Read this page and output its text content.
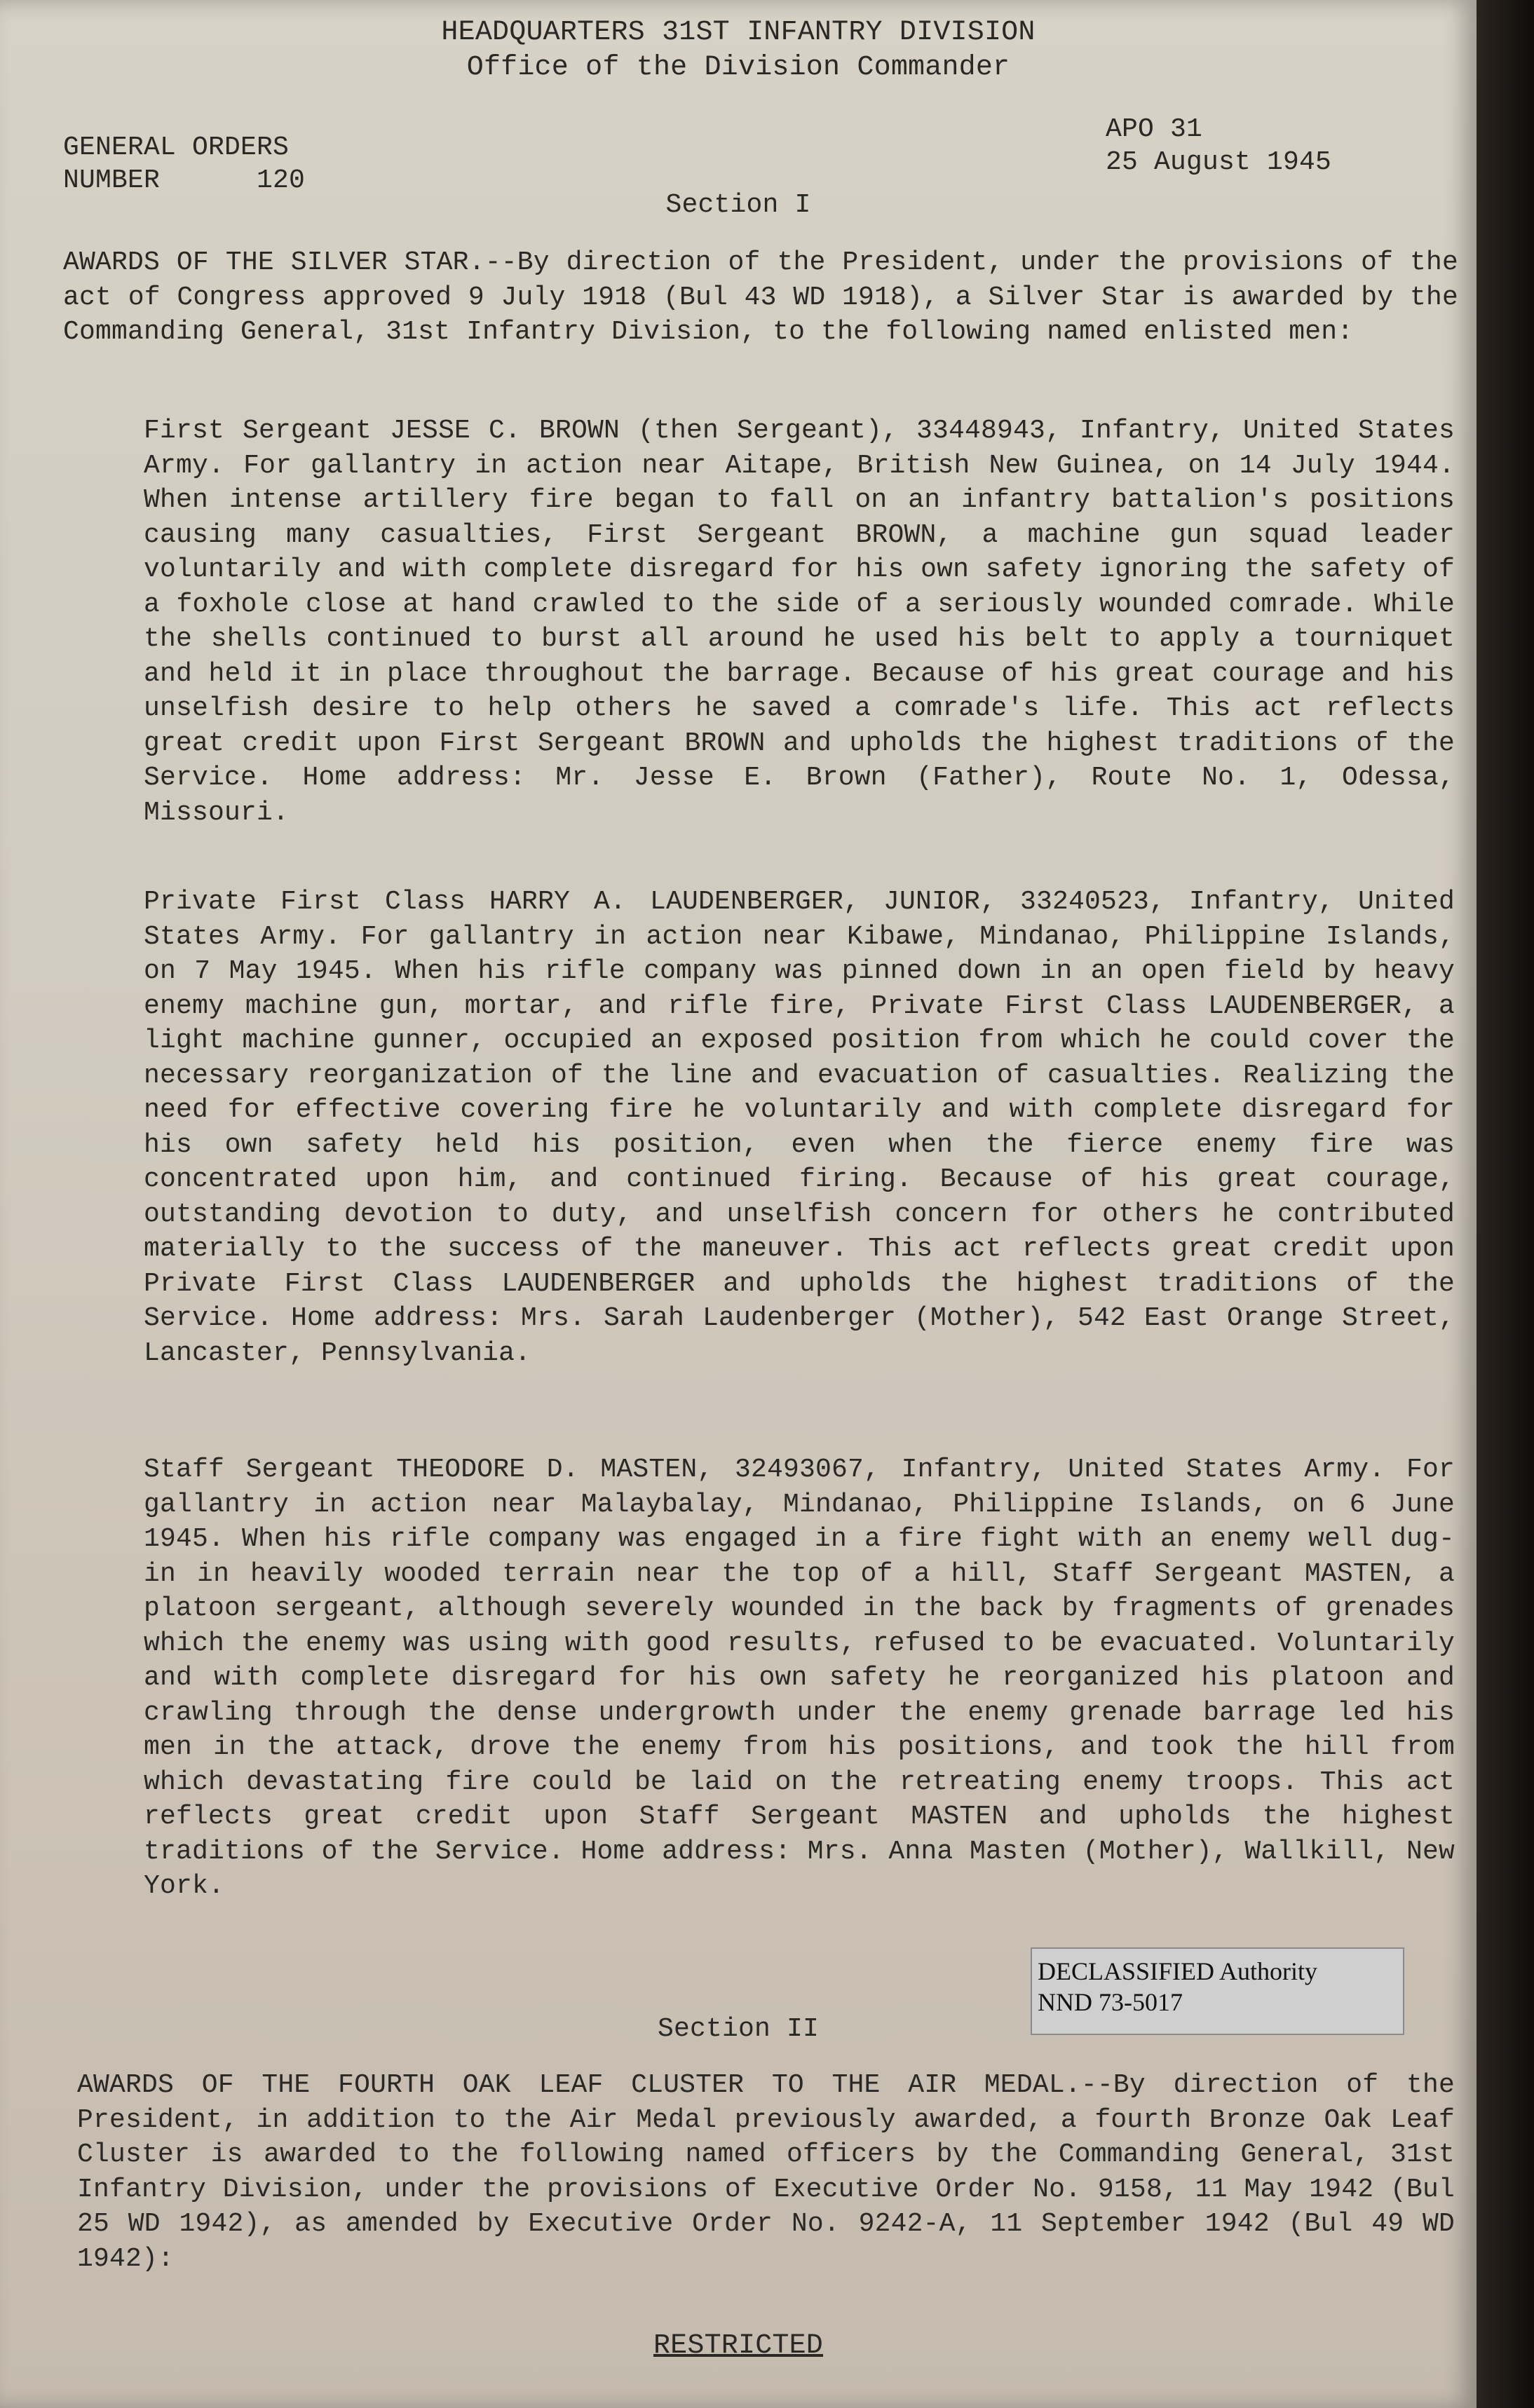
HEADQUARTERS 31ST INFANTRY DIVISION
Office of the Division Commander
GENERAL ORDERS
NUMBER      120
APO 31
25 August 1945
Section I
AWARDS OF THE SILVER STAR.--By direction of the President, under the provisions of the act of Congress approved 9 July 1918 (Bul 43 WD 1918), a Silver Star is awarded by the Commanding General, 31st Infantry Division, to the following named enlisted men:
First Sergeant JESSE C. BROWN (then Sergeant), 33448943, Infantry, United States Army. For gallantry in action near Aitape, British New Guinea, on 14 July 1944. When intense artillery fire began to fall on an infantry battalion's positions causing many casualties, First Sergeant BROWN, a machine gun squad leader voluntarily and with complete disregard for his own safety ignoring the safety of a foxhole close at hand crawled to the side of a seriously wounded comrade. While the shells continued to burst all around he used his belt to apply a tourniquet and held it in place throughout the barrage. Because of his great courage and his unselfish desire to help others he saved a comrade's life. This act reflects great credit upon First Sergeant BROWN and upholds the highest traditions of the Service. Home address: Mr. Jesse E. Brown (Father), Route No. 1, Odessa, Missouri.
Private First Class HARRY A. LAUDENBERGER, JUNIOR, 33240523, Infantry, United States Army. For gallantry in action near Kibawe, Mindanao, Philippine Islands, on 7 May 1945. When his rifle company was pinned down in an open field by heavy enemy machine gun, mortar, and rifle fire, Private First Class LAUDENBERGER, a light machine gunner, occupied an exposed position from which he could cover the necessary reorganization of the line and evacuation of casualties. Realizing the need for effective covering fire he voluntarily and with complete disregard for his own safety held his position, even when the fierce enemy fire was concentrated upon him, and continued firing. Because of his great courage, outstanding devotion to duty, and unselfish concern for others he contributed materially to the success of the maneuver. This act reflects great credit upon Private First Class LAUDENBERGER and upholds the highest traditions of the Service. Home address: Mrs. Sarah Laudenberger (Mother), 542 East Orange Street, Lancaster, Pennsylvania.
Staff Sergeant THEODORE D. MASTEN, 32493067, Infantry, United States Army. For gallantry in action near Malaybalay, Mindanao, Philippine Islands, on 6 June 1945. When his rifle company was engaged in a fire fight with an enemy well dug-in in heavily wooded terrain near the top of a hill, Staff Sergeant MASTEN, a platoon sergeant, although severely wounded in the back by fragments of grenades which the enemy was using with good results, refused to be evacuated. Voluntarily and with complete disregard for his own safety he reorganized his platoon and crawling through the dense undergrowth under the enemy grenade barrage led his men in the attack, drove the enemy from his positions, and took the hill from which devastating fire could be laid on the retreating enemy troops. This act reflects great credit upon Staff Sergeant MASTEN and upholds the highest traditions of the Service. Home address: Mrs. Anna Masten (Mother), Wallkill, New York.
DECLASSIFIED Authority
NND 73-5017
Section II
AWARDS OF THE FOURTH OAK LEAF CLUSTER TO THE AIR MEDAL.--By direction of the President, in addition to the Air Medal previously awarded, a fourth Bronze Oak Leaf Cluster is awarded to the following named officers by the Commanding General, 31st Infantry Division, under the provisions of Executive Order No. 9158, 11 May 1942 (Bul 25 WD 1942), as amended by Executive Order No. 9242-A, 11 September 1942 (Bul 49 WD 1942):
RESTRICTED
